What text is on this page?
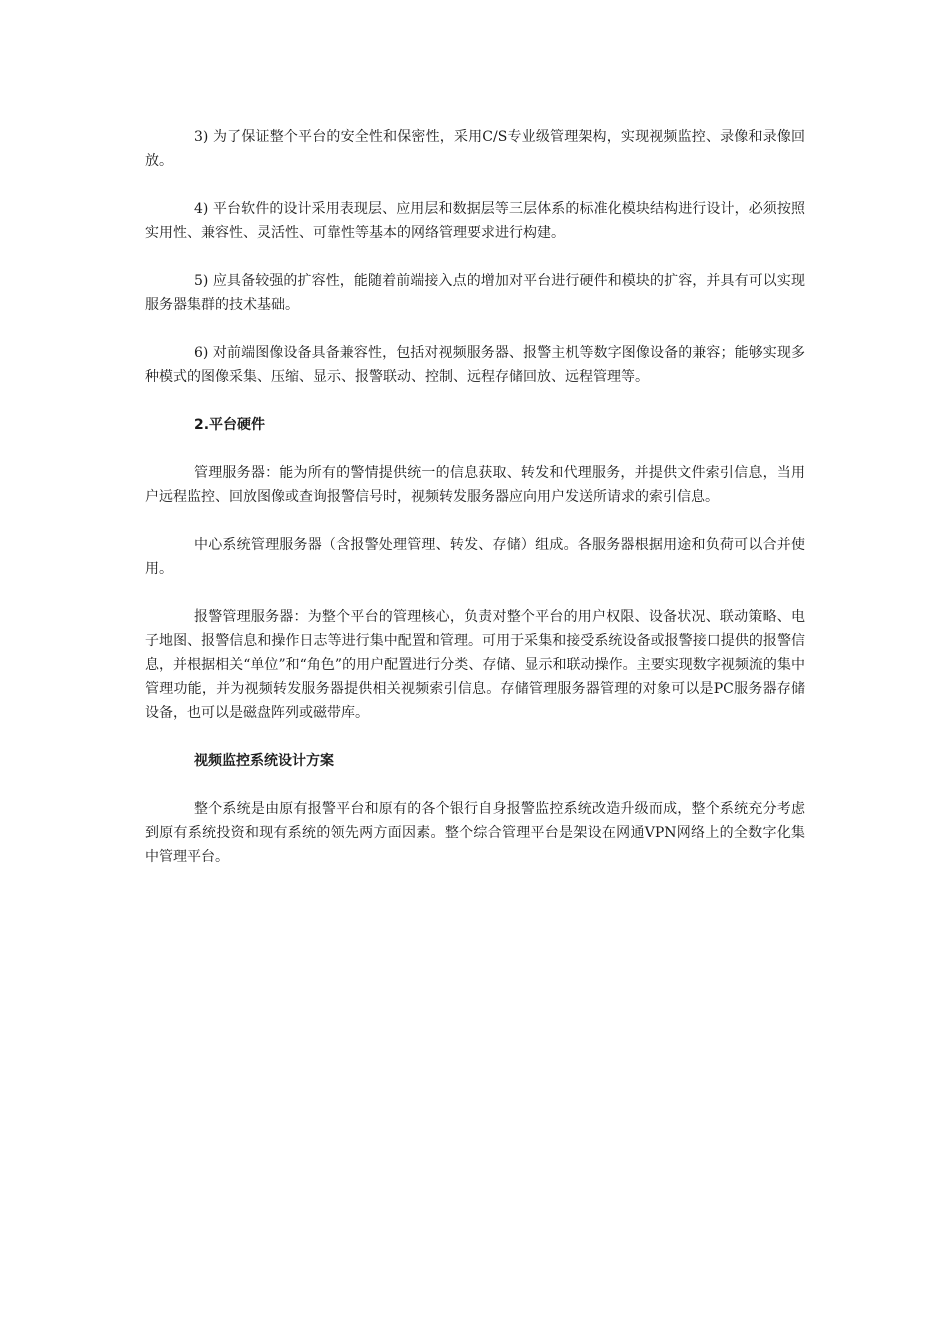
3) 为了保证整个平台的安全性和保密性，采用C/S专业级管理架构，实现视频监控、录像和录像回放。

4) 平台软件的设计采用表现层、应用层和数据层等三层体系的标准化模块结构进行设计，必须按照实用性、兼容性、灵活性、可靠性等基本的网络管理要求进行构建。

5) 应具备较强的扩容性，能随着前端接入点的增加对平台进行硬件和模块的扩容，并具有可以实现服务器集群的技术基础。

6) 对前端图像设备具备兼容性，包括对视频服务器、报警主机等数字图像设备的兼容；能够实现多种模式的图像采集、压缩、显示、报警联动、控制、远程存储回放、远程管理等。

2.平台硬件

管理服务器：能为所有的警情提供统一的信息获取、转发和代理服务，并提供文件索引信息，当用户远程监控、回放图像或查询报警信号时，视频转发服务器应向用户发送所请求的索引信息。

中心系统管理服务器（含报警处理管理、转发、存储）组成。各服务器根据用途和负荷可以合并使用。

报警管理服务器：为整个平台的管理核心，负责对整个平台的用户权限、设备状况、联动策略、电子地图、报警信息和操作日志等进行集中配置和管理。可用于采集和接受系统设备或报警接口提供的报警信息，并根据相关“单位”和“角色”的用户配置进行分类、存储、显示和联动操作。主要实现数字视频流的集中管理功能，并为视频转发服务器提供相关视频索引信息。存储管理服务器管理的对象可以是PC服务器存储设备，也可以是磁盘阵列或磁带库。

视频监控系统设计方案

整个系统是由原有报警平台和原有的各个银行自身报警监控系统改造升级而成，整个系统充分考虑到原有系统投资和现有系统的领先两方面因素。整个综合管理平台是架设在网通VPN网络上的全数字化集中管理平台。
